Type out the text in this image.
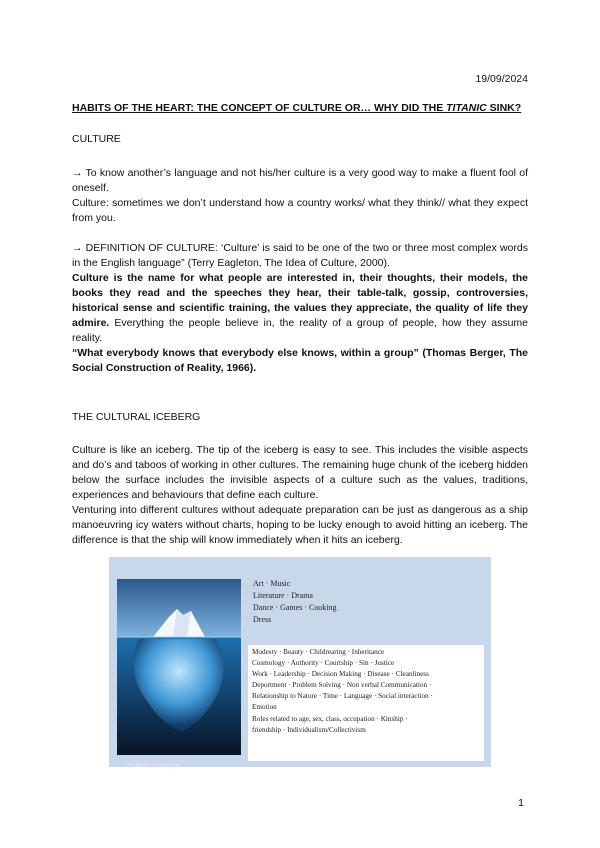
19/09/2024

HABITS OF THE HEART: THE CONCEPT OF CULTURE OR… WHY DID THE TITANIC SINK?

CULTURE

→ To know another’s language and not his/her culture is a very good way to make a fluent fool of oneself.

Culture: sometimes we don’t understand how a country works/ what they think// what they expect from you.

→ DEFINITION OF CULTURE: ‘Culture’ is said to be one of the two or three most complex words in the English language” (Terry Eagleton, The Idea of Culture, 2000).

Culture is the name for what people are interested in, their thoughts, their models, the books they read and the speeches they hear, their table-talk, gossip, controversies, historical sense and scientific training, the values they appreciate, the quality of life they admire. Everything the people believe in, the reality of a group of people, how they assume reality.

“What everybody knows that everybody else knows, within a group” (Thomas Berger, The Social Construction of Reality, 1966).

THE CULTURAL ICEBERG

Culture is like an iceberg. The tip of the iceberg is easy to see. This includes the visible aspects and do’s and taboos of working in other cultures. The remaining huge chunk of the iceberg hidden below the surface includes the invisible aspects of a culture such as the values, traditions, experiences and behaviours that define each culture.

Venturing into different cultures without adequate preparation can be just as dangerous as a ship manoeuvring icy waters without charts, hoping to be lucky enough to avoid hitting an iceberg. The difference is that the ship will know immediately when it hits an iceberg.

(c) Ralph Clevenger
Art · Music
Literature · Drama
Dance · Games · Cooking
Dress
Modesty · Beauty · Childrearing · Inheritance
Cosmology · Authority · Courtship · Sin · Justice
Work · Leadership · Decision Making · Disease · Cleanliness
Deportment · Problem Solving · Non verbal Communication ·
Relationship to Nature · Time · Language · Social interaction ·
Emotion
Roles related to age, sex, class, occupation · Kinship ·
friendship · Individualism/Collectivism
1
